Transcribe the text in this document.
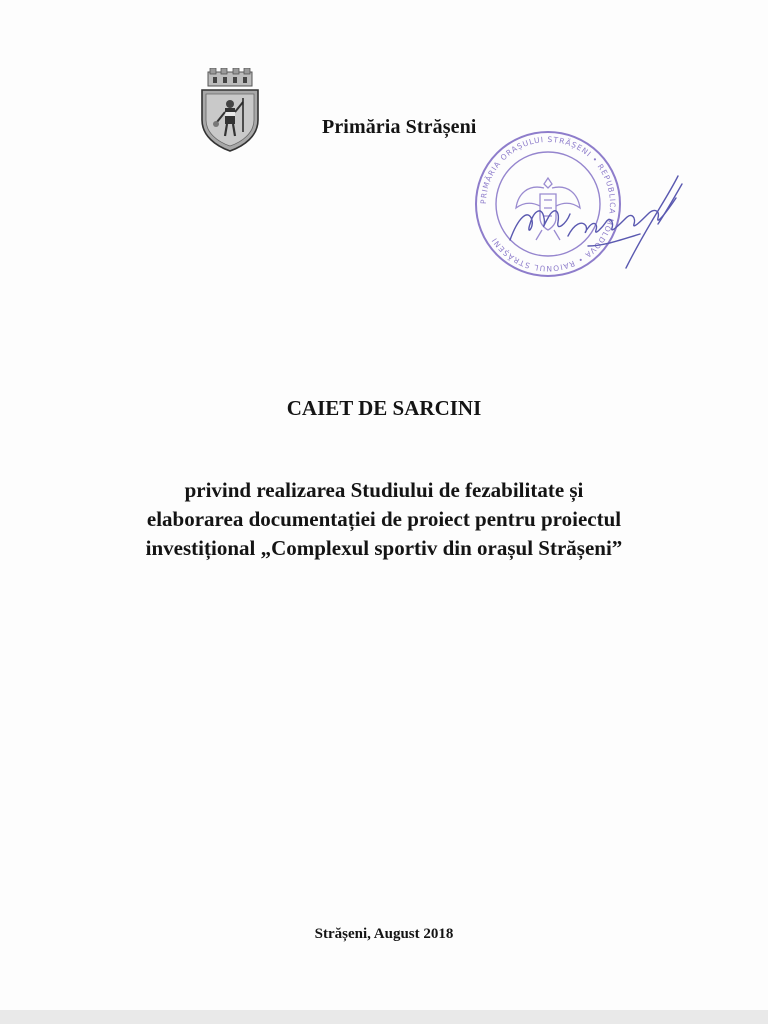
Primăria Strășeni
PRIMĂRIA ORAȘULUI STRĂȘENI • REPUBLICA MOLDOVA • RAIONUL STRĂȘENI
CAIET DE SARCINI
privind realizarea Studiului de fezabilitate și
elaborarea documentației de proiect pentru proiectul
investițional „Complexul sportiv din orașul Strășeni”
Strășeni, August 2018
